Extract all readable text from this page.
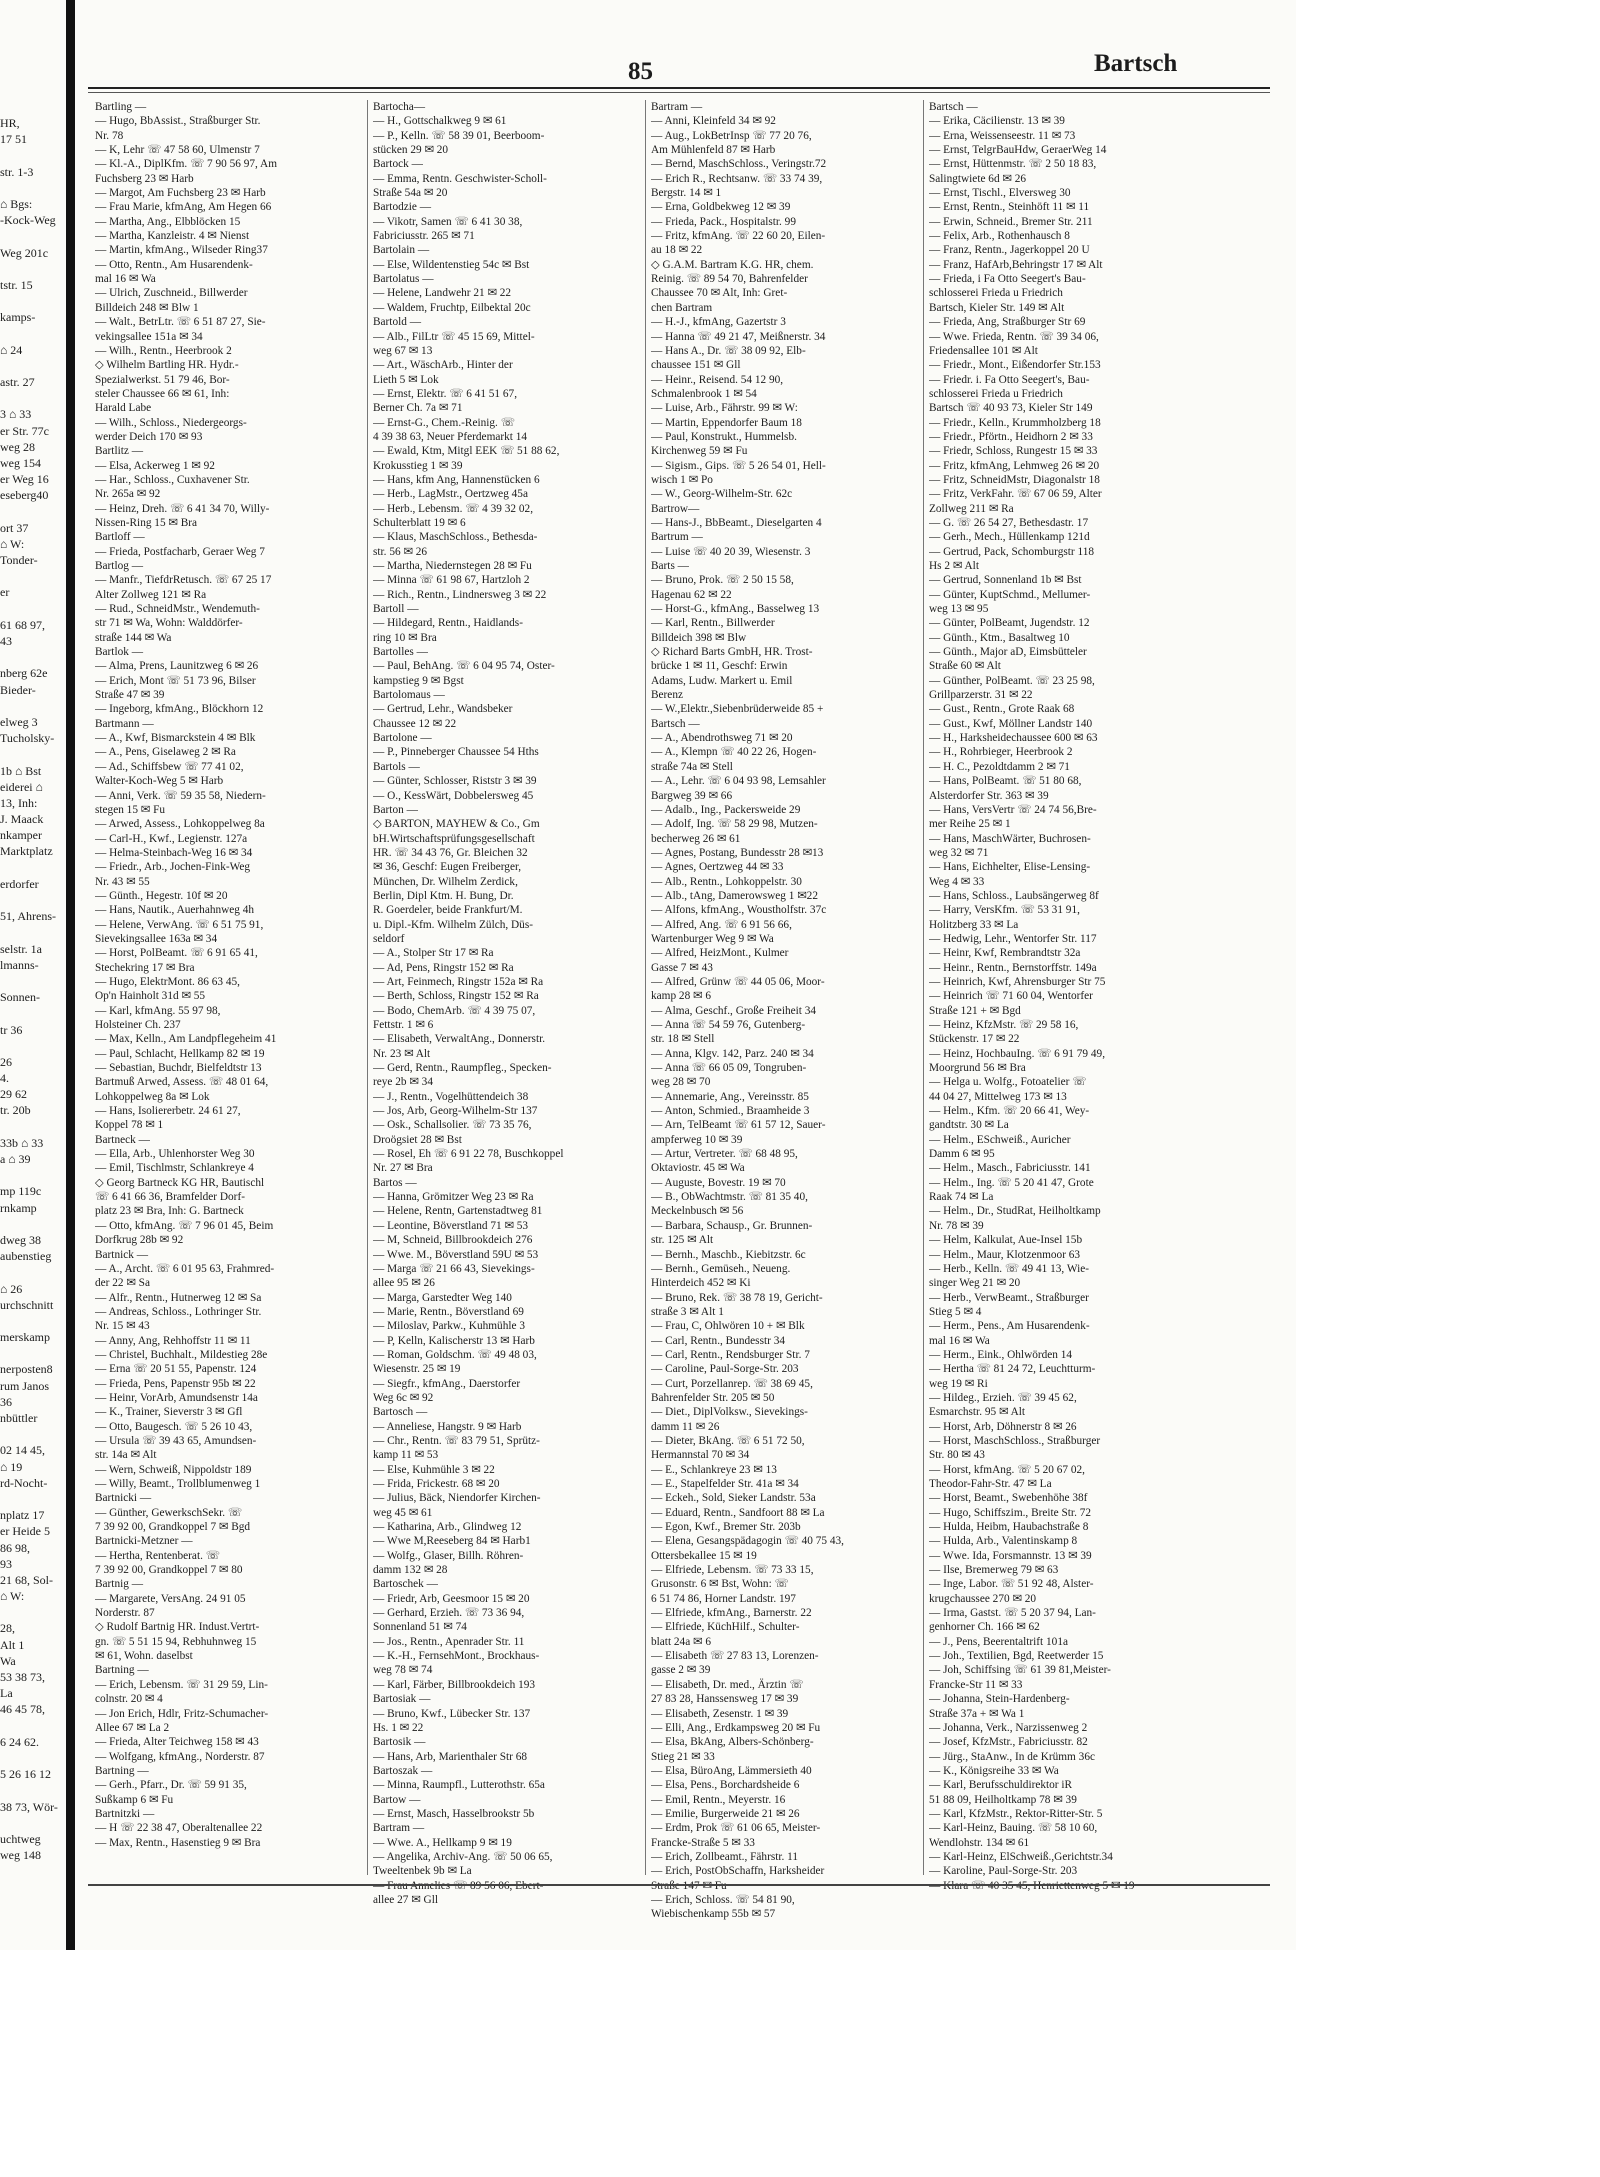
HR,
17 51
str. 1-3
⌂ Bgs:
-Kock-Weg
Weg 201c
tstr. 15
kamps-
⌂ 24
astr. 27
3 ⌂ 33
er Str. 77c
weg 28
weg 154
er Weg 16
eseberg40
ort 37
⌂ W:
Tonder-
er
61 68 97,
43
nberg 62e
Bieder-
elweg 3
Tucholsky-
1b ⌂ Bst
eiderei ⌂
13, Inh:
J. Maack
nkamper
Marktplatz
erdorfer
51, Ahrens-
selstr. 1a
lmanns-
Sonnen-
tr 36
26
4.
29 62
tr. 20b
33b ⌂ 33
a ⌂ 39
mp 119c
rnkamp
dweg 38
aubenstieg
⌂ 26
urchschnitt
merskamp
nerposten8
rum Janos
36
nbüttler
02 14 45,
⌂ 19
rd-Nocht-
nplatz 17
er Heide 5
86 98,
93
21 68, Sol-
⌂ W:
28,
Alt 1
Wa
53 38 73,
La
46 45 78,
6 24 62.
5 26 16 12
38 73, Wör-
uchtweg
weg 148
85	Bartsch
Bartling —
— Hugo, BbAssist., Straßburger Str.
Nr. 78
— K, Lehr ☏ 47 58 60, Ulmenstr 7
— Kl.-A., DiplKfm. ☏ 7 90 56 97, Am
Fuchsberg 23 ✉ Harb
— Margot, Am Fuchsberg 23 ✉ Harb
— Frau Marie, kfmAng, Am Hegen 66
— Martha, Ang., Elbblöcken 15
— Martha, Kanzleistr. 4 ✉ Nienst
— Martin, kfmAng., Wilseder Ring37
— Otto, Rentn., Am Husarendenk-
mal 16 ✉ Wa
— Ulrich, Zuschneid., Billwerder
Billdeich 248 ✉ Blw 1
— Walt., BetrLtr. ☏ 6 51 87 27, Sie-
vekingsallee 151a ✉ 34
— Wilh., Rentn., Heerbrook 2
◇ Wilhelm Bartling HR. Hydr.-
Spezialwerkst. 51 79 46, Bor-
steler Chaussee 66 ✉ 61, Inh:
Harald Labe
— Wilh., Schloss., Niedergeorgs-
werder Deich 170 ✉ 93
Bartlitz —
— Elsa, Ackerweg 1 ✉ 92
— Har., Schloss., Cuxhavener Str.
Nr. 265a ✉ 92
— Heinz, Dreh. ☏ 6 41 34 70, Willy-
Nissen-Ring 15 ✉ Bra
Bartloff —
— Frieda, Postfacharb, Geraer Weg 7
Bartlog —
— Manfr., TiefdrRetusch. ☏ 67 25 17
Alter Zollweg 121 ✉ Ra
— Rud., SchneidMstr., Wendemuth-
str 71 ✉ Wa, Wohn: Walddörfer-
straße 144 ✉ Wa
Bartlok —
— Alma, Prens, Launitzweg 6 ✉ 26
— Erich, Mont ☏ 51 73 96, Bilser
Straße 47 ✉ 39
— Ingeborg, kfmAng., Blöckhorn 12
Bartmann —
— A., Kwf, Bismarckstein 4 ✉ Blk
— A., Pens, Giselaweg 2 ✉ Ra
— Ad., Schiffsbew ☏ 77 41 02,
Walter-Koch-Weg 5 ✉ Harb
— Anni, Verk. ☏ 59 35 58, Niedern-
stegen 15 ✉ Fu
— Arwed, Assess., Lohkoppelweg 8a
— Carl-H., Kwf., Legienstr. 127a
— Helma-Steinbach-Weg 16 ✉ 34
— Friedr., Arb., Jochen-Fink-Weg
Nr. 43 ✉ 55
— Günth., Hegestr. 10f ✉ 20
— Hans, Nautik., Auerhahnweg 4h
— Helene, VerwAng. ☏ 6 51 75 91,
Sievekingsallee 163a ✉ 34
— Horst, PolBeamt. ☏ 6 91 65 41,
Stechekring 17 ✉ Bra
— Hugo, ElektrMont. 86 63 45,
Op'n Hainholt 31d ✉ 55
— Karl, kfmAng. 55 97 98,
Holsteiner Ch. 237
— Max, Kelln., Am Landpflegeheim 41
— Paul, Schlacht, Hellkamp 82 ✉ 19
— Sebastian, Buchdr, Bielfeldtstr 13
Bartmuß Arwed, Assess. ☏ 48 01 64,
Lohkoppelweg 8a ✉ Lok
— Hans, Isoliererbetr. 24 61 27,
Koppel 78 ✉ 1
Bartneck —
— Ella, Arb., Uhlenhorster Weg 30
— Emil, Tischlmstr, Schlankreye 4
◇ Georg Bartneck KG HR, Bautischl
☏ 6 41 66 36, Bramfelder Dorf-
platz 23 ✉ Bra, Inh: G. Bartneck
— Otto, kfmAng. ☏ 7 96 01 45, Beim
Dorfkrug 28b ✉ 92
Bartnick —
— A., Archt. ☏ 6 01 95 63, Frahmred-
der 22 ✉ Sa
— Alfr., Rentn., Hutnerweg 12 ✉ Sa
— Andreas, Schloss., Lothringer Str.
Nr. 15 ✉ 43
— Anny, Ang, Rehhoffstr 11 ✉ 11
— Christel, Buchhalt., Mildestieg 28e
— Erna ☏ 20 51 55, Papenstr. 124
— Frieda, Pens, Papenstr 95b ✉ 22
— Heinr, VorArb, Amundsenstr 14a
— K., Trainer, Sieverstr 3 ✉ Gfl
— Otto, Baugesch. ☏ 5 26 10 43,
— Ursula ☏ 39 43 65, Amundsen-
str. 14a ✉ Alt
— Wern, Schweiß, Nippoldstr 189
— Willy, Beamt., Trollblumenweg 1
Bartnicki —
— Günther, GewerkschSekr. ☏
7 39 92 00, Grandkoppel 7 ✉ Bgd
Bartnicki-Metzner —
— Hertha, Rentenberat. ☏
7 39 92 00, Grandkoppel 7 ✉ 80
Bartnig —
— Margarete, VersAng. 24 91 05
Norderstr. 87
◇ Rudolf Bartnig HR. Indust.Vertrt-
gn. ☏ 5 51 15 94, Rebhuhnweg 15
✉ 61, Wohn. daselbst
Bartning —
— Erich, Lebensm. ☏ 31 29 59, Lin-
colnstr. 20 ✉ 4
— Jon Erich, Hdlr, Fritz-Schumacher-
Allee 67 ✉ La 2
— Frieda, Alter Teichweg 158 ✉ 43
— Wolfgang, kfmAng., Norderstr. 87
Bartning —
— Gerh., Pfarr., Dr. ☏ 59 91 35,
Sußkamp 6 ✉ Fu
Bartnitzki —
— H ☏ 22 38 47, Oberaltenallee 22
— Max, Rentn., Hasenstieg 9 ✉ Bra
Bartocha—
— H., Gottschalkweg 9 ✉ 61
— P., Kelln. ☏ 58 39 01, Beerboom-
stücken 29 ✉ 20
Bartock —
— Emma, Rentn. Geschwister-Scholl-
Straße 54a ✉ 20
Bartodzie —
— Vikotr, Samen ☏ 6 41 30 38,
Fabriciusstr. 265 ✉ 71
Bartolain —
— Else, Wildentenstieg 54c ✉ Bst
Bartolatus —
— Helene, Landwehr 21 ✉ 22
— Waldem, Fruchtp, Eilbektal 20c
Bartold —
— Alb., FilLtr ☏ 45 15 69, Mittel-
weg 67 ✉ 13
— Art., WäschArb., Hinter der
Lieth 5 ✉ Lok
— Ernst, Elektr. ☏ 6 41 51 67,
Berner Ch. 7a ✉ 71
— Ernst-G., Chem.-Reinig. ☏
4 39 38 63, Neuer Pferdemarkt 14
— Ewald, Ktm, Mitgl EEK ☏ 51 88 62,
Krokusstieg 1 ✉ 39
— Hans, kfm Ang, Hannenstücken 6
— Herb., LagMstr., Oertzweg 45a
— Herb., Lebensm. ☏ 4 39 32 02,
Schulterblatt 19 ✉ 6
— Klaus, MaschSchloss., Bethesda-
str. 56 ✉ 26
— Martha, Niedernstegen 28 ✉ Fu
— Minna ☏ 61 98 67, Hartzloh 2
— Rich., Rentn., Lindnersweg 3 ✉ 22
Bartoll —
— Hildegard, Rentn., Haidlands-
ring 10 ✉ Bra
Bartolles —
— Paul, BehAng. ☏ 6 04 95 74, Oster-
kampstieg 9 ✉ Bgst
Bartolomaus —
— Gertrud, Lehr., Wandsbeker
Chaussee 12 ✉ 22
Bartolone —
— P., Pinneberger Chaussee 54 Hths
Bartols —
— Günter, Schlosser, Riststr 3 ✉ 39
— O., KessWärt, Dobbelersweg 45
Barton —
◇ BARTON, MAYHEW & Co., Gm
bH.Wirtschaftsprüfungsgesellschaft
HR. ☏ 34 43 76, Gr. Bleichen 32
✉ 36, Geschf: Eugen Freiberger,
München, Dr. Wilhelm Zerdick,
Berlin, Dipl Ktm. H. Bung, Dr.
R. Goerdeler, beide Frankfurt/M.
u. Dipl.-Kfm. Wilhelm Zülch, Düs-
seldorf
— A., Stolper Str 17 ✉ Ra
— Ad, Pens, Ringstr 152 ✉ Ra
— Art, Feinmech, Ringstr 152a ✉ Ra
— Berth, Schloss, Ringstr 152 ✉ Ra
— Bodo, ChemArb. ☏ 4 39 75 07,
Fettstr. 1 ✉ 6
— Elisabeth, VerwaltAng., Donnerstr.
Nr. 23 ✉ Alt
— Gerd, Rentn., Raumpfleg., Specken-
reye 2b ✉ 34
— J., Rentn., Vogelhüttendeich 38
— Jos, Arb, Georg-Wilhelm-Str 137
— Osk., Schallsolier. ☏ 73 35 76,
Droögsiet 28 ✉ Bst
— Rosel, Eh ☏ 6 91 22 78, Buschkoppel
Nr. 27 ✉ Bra
Bartos —
— Hanna, Grömitzer Weg 23 ✉ Ra
— Helene, Rentn, Gartenstadtweg 81
— Leontine, Böverstland 71 ✉ 53
— M, Schneid, Billbrookdeich 276
— Wwe. M., Böverstland 59U ✉ 53
— Marga ☏ 21 66 43, Sievekings-
allee 95 ✉ 26
— Marga, Garstedter Weg 140
— Marie, Rentn., Böverstland 69
— Miloslav, Parkw., Kuhmühle 3
— P, Kelln, Kalischerstr 13 ✉ Harb
— Roman, Goldschm. ☏ 49 48 03,
Wiesenstr. 25 ✉ 19
— Siegfr., kfmAng., Daerstorfer
Weg 6c ✉ 92
Bartosch —
— Anneliese, Hangstr. 9 ✉ Harb
— Chr., Rentn. ☏ 83 79 51, Sprütz-
kamp 11 ✉ 53
— Else, Kuhmühle 3 ✉ 22
— Frida, Frickestr. 68 ✉ 20
— Julius, Bäck, Niendorfer Kirchen-
weg 45 ✉ 61
— Katharina, Arb., Glindweg 12
— Wwe M,Reeseberg 84 ✉ Harb1
— Wolfg., Glaser, Billh. Röhren-
damm 132 ✉ 28
Bartoschek —
— Friedr, Arb, Geesmoor 15 ✉ 20
— Gerhard, Erzieh. ☏ 73 36 94,
Sonnenland 51 ✉ 74
— Jos., Rentn., Apenrader Str. 11
— K.-H., FernsehMont., Brockhaus-
weg 78 ✉ 74
— Karl, Färber, Billbrookdeich 193
Bartosiak —
— Bruno, Kwf., Lübecker Str. 137
Hs. 1 ✉ 22
Bartosik —
— Hans, Arb, Marienthaler Str 68
Bartoszak —
— Minna, Raumpfl., Lutterothstr. 65a
Bartow —
— Ernst, Masch, Hasselbrookstr 5b
Bartram —
— Wwe. A., Hellkamp 9 ✉ 19
— Angelika, Archiv-Ang. ☏ 50 06 65,
Tweeltenbek 9b ✉ La
allee 27 ✉ Gll
Bartram —
— Anni, Kleinfeld 34 ✉ 92
— Aug., LokBetrInsp ☏ 77 20 76,
Am Mühlenfeld 87 ✉ Harb
— Bernd, MaschSchloss., Veringstr.72
— Erich R., Rechtsanw. ☏ 33 74 39,
Bergstr. 14 ✉ 1
— Erna, Goldbekweg 12 ✉ 39
— Frieda, Pack., Hospitalstr. 99
— Fritz, kfmAng. ☏ 22 60 20, Eilen-
au 18 ✉ 22
◇ G.A.M. Bartram K.G. HR, chem.
Reinig. ☏ 89 54 70, Bahrenfelder
Chaussee 70 ✉ Alt, Inh: Gret-
chen Bartram
— H.-J., kfmAng, Gazertstr 3
— Hanna ☏ 49 21 47, Meißnerstr. 34
— Hans A., Dr. ☏ 38 09 92, Elb-
chaussee 151 ✉ Gll
— Heinr., Reisend. 54 12 90,
Schmalenbrook 1 ✉ 54
— Luise, Arb., Fährstr. 99 ✉ W:
— Martin, Eppendorfer Baum 18
— Paul, Konstrukt., Hummelsb.
Kirchenweg 59 ✉ Fu
— Sigism., Gips. ☏ 5 26 54 01, Hell-
wisch 1 ✉ Po
— W., Georg-Wilhelm-Str. 62c
Bartrow—
— Hans-J., BbBeamt., Dieselgarten 4
Bartrum —
— Luise ☏ 40 20 39, Wiesenstr. 3
Barts —
— Bruno, Prok. ☏ 2 50 15 58,
Hagenau 62 ✉ 22
— Horst-G., kfmAng., Basselweg 13
— Karl, Rentn., Billwerder
Billdeich 398 ✉ Blw
◇ Richard Barts GmbH, HR. Trost-
brücke 1 ✉ 11, Geschf: Erwin
Adams, Ludw. Markert u. Emil
Berenz
— W.,Elektr.,Siebenbrüderweide 85 +
Bartsch —
— A., Abendrothsweg 71 ✉ 20
— A., Klempn ☏ 40 22 26, Hogen-
straße 74a ✉ Stell
— A., Lehr. ☏ 6 04 93 98, Lemsahler
Bargweg 39 ✉ 66
— Adalb., Ing., Packersweide 29
— Adolf, Ing. ☏ 58 29 98, Mutzen-
becherweg 26 ✉ 61
— Agnes, Postang, Bundesstr 28 ✉13
— Agnes, Oertzweg 44 ✉ 33
— Alb., Rentn., Lohkoppelstr. 30
— Alb., tAng, Damerowsweg 1 ✉22
— Alfons, kfmAng., Woustholfstr. 37c
— Alfred, Ang. ☏ 6 91 56 66,
Wartenburger Weg 9 ✉ Wa
— Alfred, HeizMont., Kulmer
Gasse 7 ✉ 43
— Alfred, Grünw ☏ 44 05 06, Moor-
kamp 28 ✉ 6
— Alma, Geschf., Große Freiheit 34
— Anna ☏ 54 59 76, Gutenberg-
str. 18 ✉ Stell
— Anna, Klgv. 142, Parz. 240 ✉ 34
— Anna ☏ 66 05 09, Tongruben-
weg 28 ✉ 70
— Annemarie, Ang., Vereinsstr. 85
— Anton, Schmied., Braamheide 3
— Arn, TelBeamt ☏ 61 57 12, Sauer-
ampferweg 10 ✉ 39
— Artur, Vertreter. ☏ 68 48 95,
Oktaviostr. 45 ✉ Wa
— Auguste, Bovestr. 19 ✉ 70
— B., ObWachtmstr. ☏ 81 35 40,
Meckelnbusch ✉ 56
— Barbara, Schausp., Gr. Brunnen-
str. 125 ✉ Alt
— Bernh., Maschb., Kiebitzstr. 6c
— Bernh., Gemüseh., Neueng.
Hinterdeich 452 ✉ Ki
— Bruno, Rek. ☏ 38 78 19, Gericht-
straße 3 ✉ Alt 1
— Frau, C, Ohlwören 10 + ✉ Blk
— Carl, Rentn., Bundesstr 34
— Carl, Rentn., Rendsburger Str. 7
— Caroline, Paul-Sorge-Str. 203
— Curt, Porzellanrep. ☏ 38 69 45,
Bahrenfelder Str. 205 ✉ 50
— Diet., DiplVolksw., Sievekings-
damm 11 ✉ 26
— Dieter, BkAng. ☏ 6 51 72 50,
Hermannstal 70 ✉ 34
— E., Schlankreye 23 ✉ 13
— E., Stapelfelder Str. 41a ✉ 34
— Eckeh., Sold, Sieker Landstr. 53a
— Eduard, Rentn., Sandfoort 88 ✉ La
— Egon, Kwf., Bremer Str. 203b
— Elena, Gesangspädagogin ☏ 40 75 43,
Ottersbekallee 15 ✉ 19
— Elfriede, Lebensm. ☏ 73 33 15,
Grusonstr. 6 ✉ Bst, Wohn: ☏
6 51 74 86, Horner Landstr. 197
— Elfriede, kfmAng., Barnerstr. 22
— Elfriede, KüchHilf., Schulter-
blatt 24a ✉ 6
— Elisabeth ☏ 27 83 13, Lorenzen-
gasse 2 ✉ 39
— Elisabeth, Dr. med., Ärztin ☏
27 83 28, Hanssensweg 17 ✉ 39
— Elisabeth, Zesenstr. 1 ✉ 39
— Elli, Ang., Erdkampsweg 20 ✉ Fu
— Elsa, BkAng, Albers-Schönberg-
Stieg 21 ✉ 33
— Elsa, BüroAng, Lämmersieth 40
— Elsa, Pens., Borchardsheide 6
— Emil, Rentn., Meyerstr. 16
— Emilie, Burgerweide 21 ✉ 26
— Erdm, Prok ☏ 61 06 65, Meister-
Francke-Straße 5 ✉ 33
— Erich, Zollbeamt., Fährstr. 11
— Erich, PostObSchaffn, Harksheider
— Erich, Schloss. ☏ 54 81 90,
Wiebischenkamp 55b ✉ 57
Bartsch —
— Erika, Cäcilienstr. 13 ✉ 39
— Erna, Weissenseestr. 11 ✉ 73
— Ernst, TelgrBauHdw, GeraerWeg 14
— Ernst, Hüttenmstr. ☏ 2 50 18 83,
Salingtwiete 6d ✉ 26
— Ernst, Tischl., Elversweg 30
— Ernst, Rentn., Steinhöft 11 ✉ 11
— Erwin, Schneid., Bremer Str. 211
— Felix, Arb., Rothenhausch 8
— Franz, Rentn., Jagerkoppel 20 U
— Franz, HafArb,Behringstr 17 ✉ Alt
— Frieda, i Fa Otto Seegert's Bau-
schlosserei Frieda u Friedrich
Bartsch, Kieler Str. 149 ✉ Alt
— Frieda, Ang, Straßburger Str 69
— Wwe. Frieda, Rentn. ☏ 39 34 06,
Friedensallee 101 ✉ Alt
— Friedr., Mont., Eißendorfer Str.153
— Friedr. i. Fa Otto Seegert's, Bau-
schlosserei Frieda u Friedrich
Bartsch ☏ 40 93 73, Kieler Str 149
— Friedr., Kelln., Krummholzberg 18
— Friedr., Pförtn., Heidhorn 2 ✉ 33
— Friedr, Schloss, Rungestr 15 ✉ 33
— Fritz, kfmAng, Lehmweg 26 ✉ 20
— Fritz, SchneidMstr, Diagonalstr 18
— Fritz, VerkFahr. ☏ 67 06 59, Alter
Zollweg 211 ✉ Ra
— G. ☏ 26 54 27, Bethesdastr. 17
— Gerh., Mech., Hüllenkamp 121d
— Gertrud, Pack, Schomburgstr 118
Hs 2 ✉ Alt
— Gertrud, Sonnenland 1b ✉ Bst
— Günter, KuptSchmd., Mellumer-
weg 13 ✉ 95
— Günter, PolBeamt, Jugendstr. 12
— Günth., Ktm., Basaltweg 10
— Günth., Major aD, Eimsbütteler
Straße 60 ✉ Alt
— Günther, PolBeamt. ☏ 23 25 98,
Grillparzerstr. 31 ✉ 22
— Gust., Rentn., Grote Raak 68
— Gust., Kwf, Möllner Landstr 140
— H., Harksheidechaussee 600 ✉ 63
— H., Rohrbieger, Heerbrook 2
— H. C., Pezoldtdamm 2 ✉ 71
— Hans, PolBeamt. ☏ 51 80 68,
Alsterdorfer Str. 363 ✉ 39
— Hans, VersVertr ☏ 24 74 56,Bre-
mer Reihe 25 ✉ 1
— Hans, MaschWärter, Buchrosen-
weg 32 ✉ 71
— Hans, Eichhelter, Elise-Lensing-
Weg 4 ✉ 33
— Hans, Schloss., Laubsängerweg 8f
— Harry, VersKfm. ☏ 53 31 91,
Holitzberg 33 ✉ La
— Hedwig, Lehr., Wentorfer Str. 117
— Heinr, Kwf, Rembrandtstr 32a
— Heinr., Rentn., Bernstorffstr. 149a
— Heinrich, Kwf, Ahrensburger Str 75
— Heinrich ☏ 71 60 04, Wentorfer
Straße 121 + ✉ Bgd
— Heinz, KfzMstr. ☏ 29 58 16,
Stückenstr. 17 ✉ 22
— Heinz, HochbauIng. ☏ 6 91 79 49,
Moorgrund 56 ✉ Bra
— Helga u. Wolfg., Fotoatelier ☏
44 04 27, Mittelweg 173 ✉ 13
— Helm., Kfm. ☏ 20 66 41, Wey-
gandtstr. 30 ✉ La
— Helm., ESchweiß., Auricher
Damm 6 ✉ 95
— Helm., Masch., Fabriciusstr. 141
— Helm., Ing. ☏ 5 20 41 47, Grote
Raak 74 ✉ La
— Helm., Dr., StudRat, Heilholtkamp
Nr. 78 ✉ 39
— Helm, Kalkulat, Aue-Insel 15b
— Helm., Maur, Klotzenmoor 63
— Herb., Kelln. ☏ 49 41 13, Wie-
singer Weg 21 ✉ 20
— Herb., VerwBeamt., Straßburger
Stieg 5 ✉ 4
— Herm., Pens., Am Husarendenk-
mal 16 ✉ Wa
— Herm., Eink., Ohlwörden 14
— Hertha ☏ 81 24 72, Leuchtturm-
weg 19 ✉ Ri
— Hildeg., Erzieh. ☏ 39 45 62,
Esmarchstr. 95 ✉ Alt
— Horst, Arb, Döhnerstr 8 ✉ 26
— Horst, MaschSchloss., Straßburger
Str. 80 ✉ 43
— Horst, kfmAng. ☏ 5 20 67 02,
Theodor-Fahr-Str. 47 ✉ La
— Horst, Beamt., Swebenhöhe 38f
— Hugo, Schiffszim., Breite Str. 72
— Hulda, Heibm, Haubachstraße 8
— Hulda, Arb., Valentinskamp 8
— Wwe. Ida, Forsmannstr. 13 ✉ 39
— Ilse, Bremerweg 79 ✉ 63
— Inge, Labor. ☏ 51 92 48, Alster-
krugchaussee 270 ✉ 20
— Irma, Gastst. ☏ 5 20 37 94, Lan-
genhorner Ch. 166 ✉ 62
— J., Pens, Beerentaltrift 101a
— Joh., Textilien, Bgd, Reetwerder 15
— Joh, Schiffsing ☏ 61 39 81,Meister-
Francke-Str 11 ✉ 33
— Johanna, Stein-Hardenberg-
Straße 37a + ✉ Wa 1
— Johanna, Verk., Narzissenweg 2
— Josef, KfzMstr., Fabriciusstr. 82
— Jürg., StaAnw., In de Krümm 36c
— K., Königsreihe 33 ✉ Wa
— Karl, Berufsschuldirektor iR
51 88 09, Heilholtkamp 78 ✉ 39
— Karl, KfzMstr., Rektor-Ritter-Str. 5
— Karl-Heinz, Bauing. ☏ 58 10 60,
Wendlohstr. 134 ✉ 61
— Karl-Heinz, ElSchweiß.,Gerichtstr.34
— Karoline, Paul-Sorge-Str. 203
